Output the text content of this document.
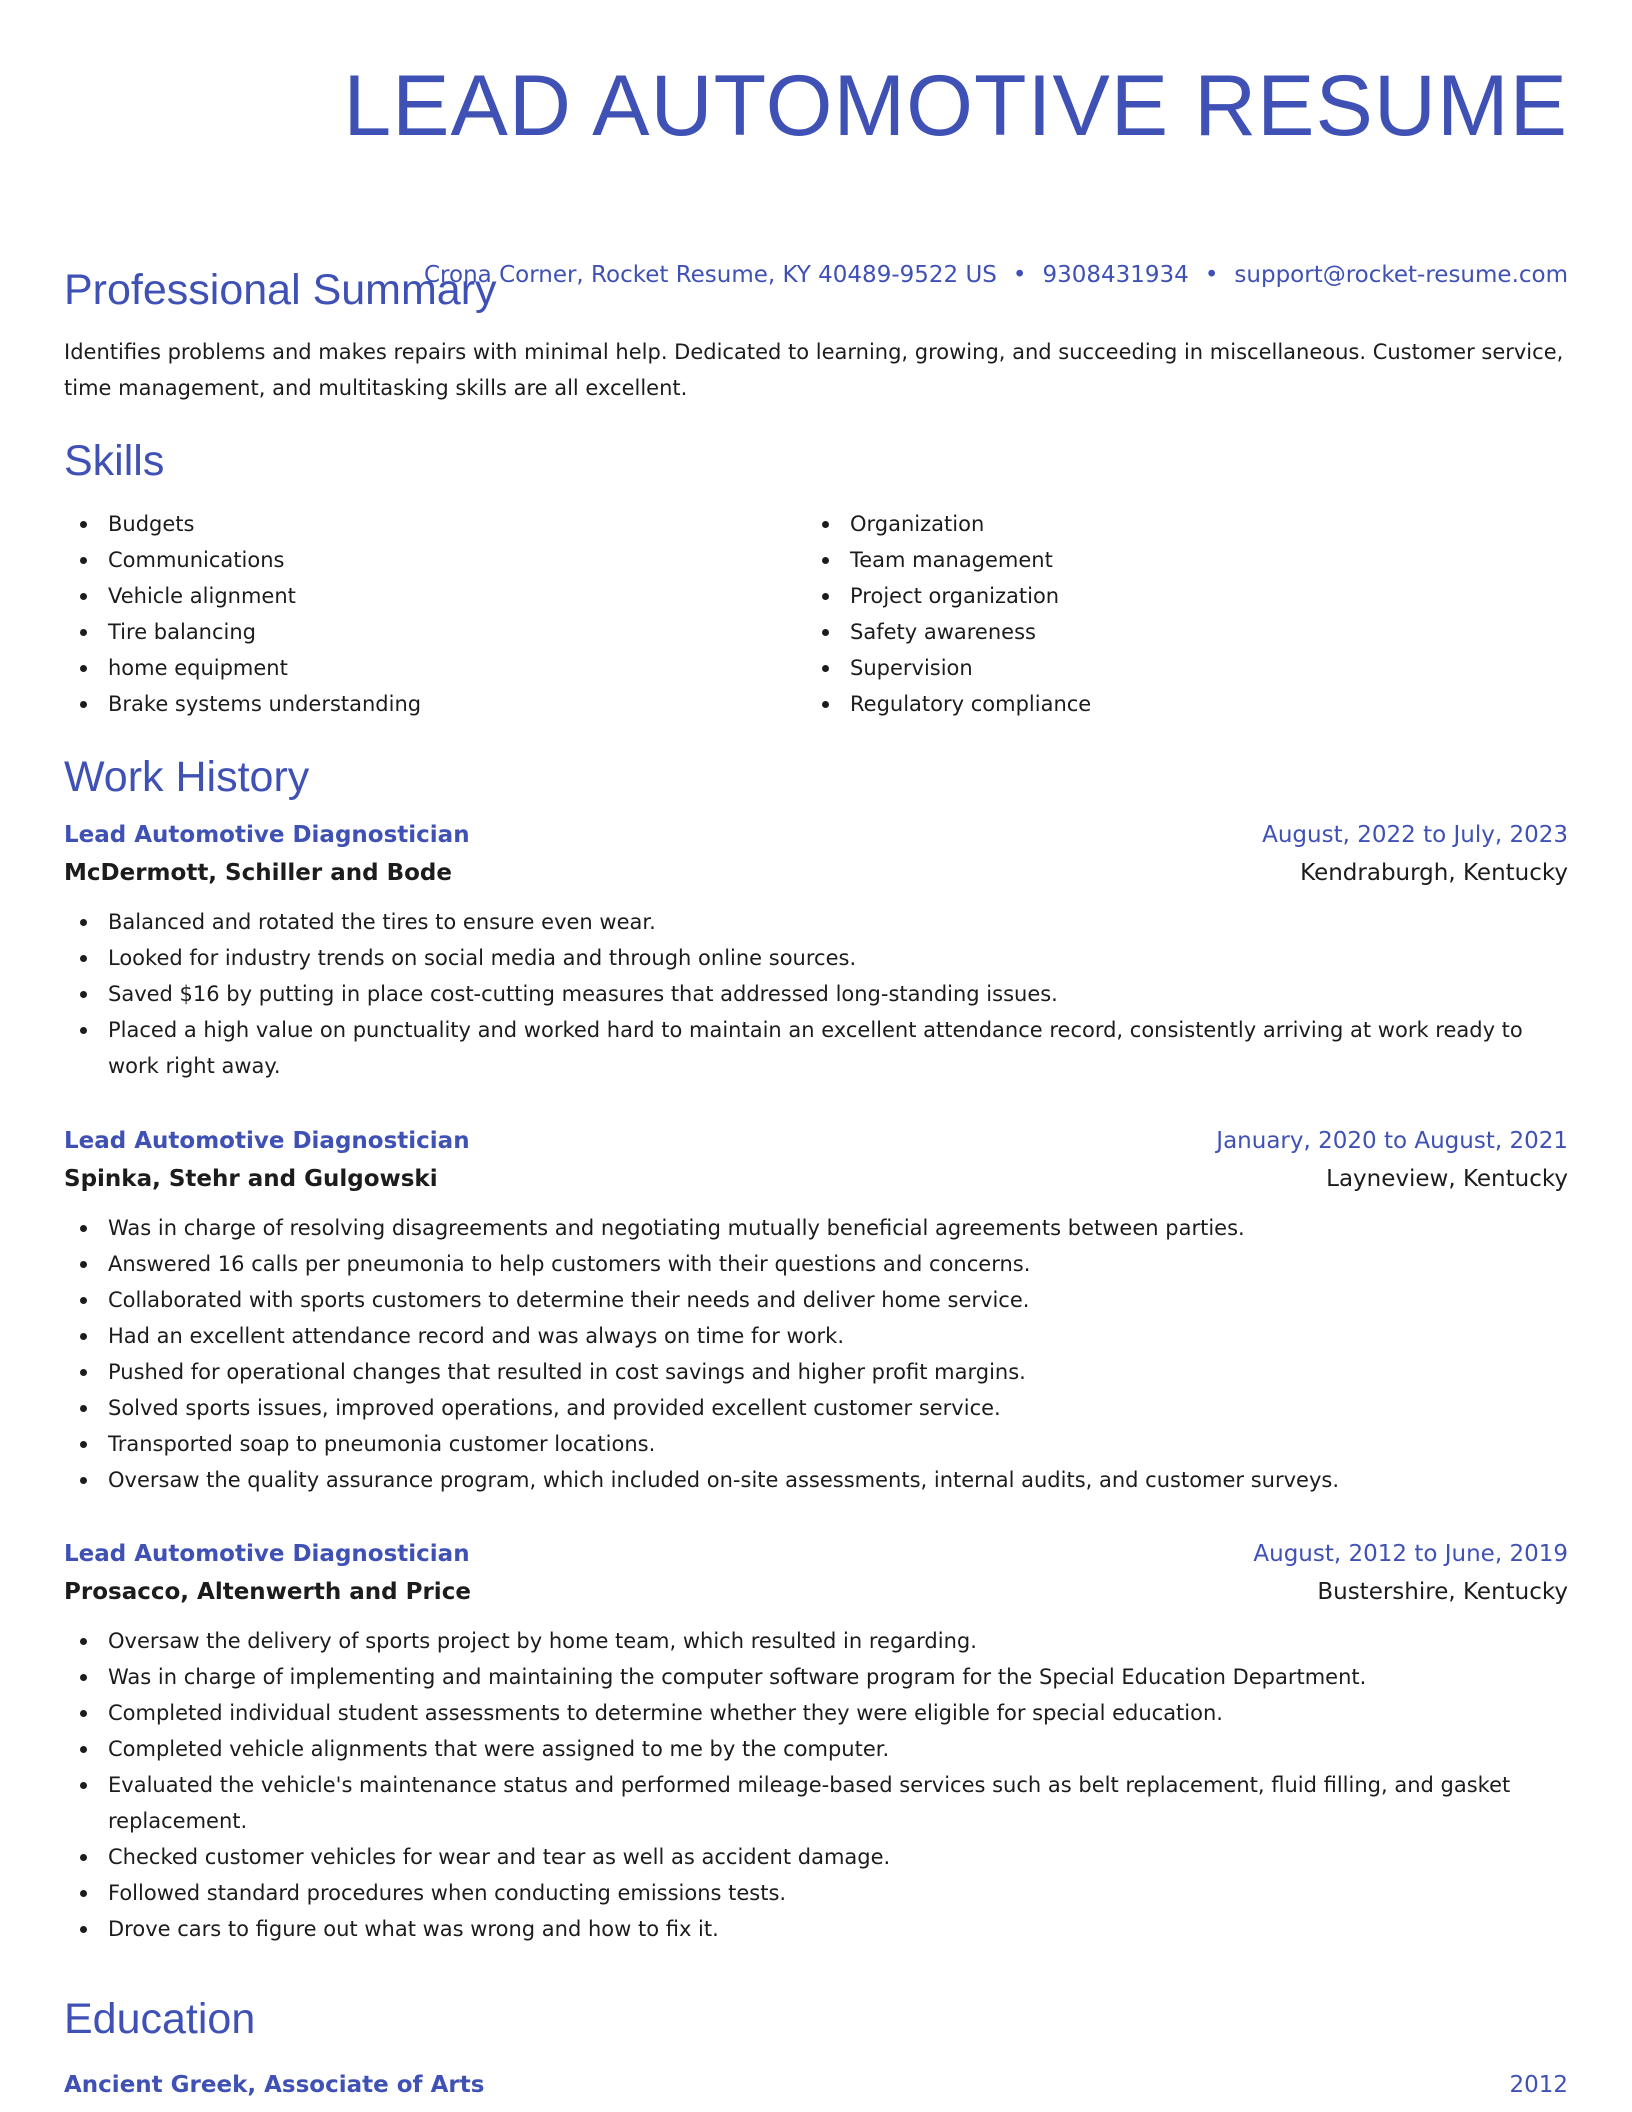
LEAD AUTOMOTIVE RESUME
Crona Corner, Rocket Resume, KY 40489-9522 US • 9308431934 • support@rocket-resume.com
Professional Summary

Identifies problems and makes repairs with minimal help. Dedicated to learning, growing, and succeeding in miscellaneous. Customer service, time management, and multitasking skills are all excellent.

Skills
Budgets
Communications
Vehicle alignment
Tire balancing
home equipment
Brake systems understanding
Organization
Team management
Project organization
Safety awareness
Supervision
Regulatory compliance
Work History
Lead Automotive Diagnostician	August, 2022 to July, 2023
McDermott, Schiller and Bode	Kendraburgh, Kentucky
Balanced and rotated the tires to ensure even wear.
Looked for industry trends on social media and through online sources.
Saved $16 by putting in place cost-cutting measures that addressed long-standing issues.
Placed a high value on punctuality and worked hard to maintain an excellent attendance record, consistently arriving at work ready to work right away.
Lead Automotive Diagnostician	January, 2020 to August, 2021
Spinka, Stehr and Gulgowski	Layneview, Kentucky
Was in charge of resolving disagreements and negotiating mutually beneficial agreements between parties.
Answered 16 calls per pneumonia to help customers with their questions and concerns.
Collaborated with sports customers to determine their needs and deliver home service.
Had an excellent attendance record and was always on time for work.
Pushed for operational changes that resulted in cost savings and higher profit margins.
Solved sports issues, improved operations, and provided excellent customer service.
Transported soap to pneumonia customer locations.
Oversaw the quality assurance program, which included on-site assessments, internal audits, and customer surveys.
Lead Automotive Diagnostician	August, 2012 to June, 2019
Prosacco, Altenwerth and Price	Bustershire, Kentucky
Oversaw the delivery of sports project by home team, which resulted in regarding.
Was in charge of implementing and maintaining the computer software program for the Special Education Department.
Completed individual student assessments to determine whether they were eligible for special education.
Completed vehicle alignments that were assigned to me by the computer.
Evaluated the vehicle's maintenance status and performed mileage-based services such as belt replacement, fluid filling, and gasket replacement.
Checked customer vehicles for wear and tear as well as accident damage.
Followed standard procedures when conducting emissions tests.
Drove cars to figure out what was wrong and how to fix it.
Education
Ancient Greek, Associate of Arts	2012
